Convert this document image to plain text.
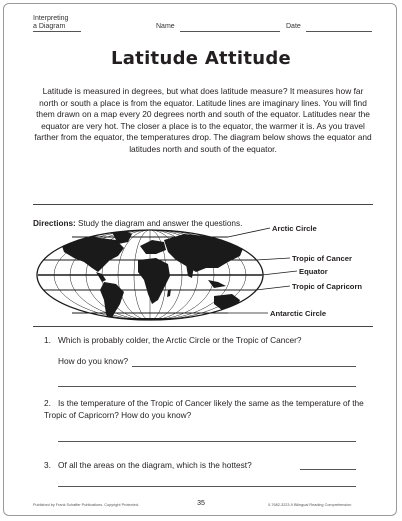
Interpreting
a Diagram	Name	Date
Latitude Attitude

Latitude is measured in degrees, but what does latitude measure? It measures how far north or south a place is from the equator. Latitude lines are imaginary lines. You will find them drawn on a map every 20 degrees north and south of the equator. Latitudes near the equator are very hot. The closer a place is to the equator, the warmer it is. As you travel farther from the equator, the temperatures drop. The diagram below shows the equator and latitudes north and south of the equator.

Directions: Study the diagram and answer the questions.
Arctic Circle
Tropic of Cancer
Equator
Tropic of Capricorn
Antarctic Circle
1. Which is probably colder, the Arctic Circle or the Tropic of Cancer?
How do you know?
2. Is the temperature of the Tropic of Cancer likely the same as the temperature of the Tropic of Capricorn? How do you know?
3. Of all the areas on the diagram, which is the hottest?
Published by Frank Schaffer Publications. Copyright Protected.	35	0-7682-3223-9 Bilingual Reading Comprehension
